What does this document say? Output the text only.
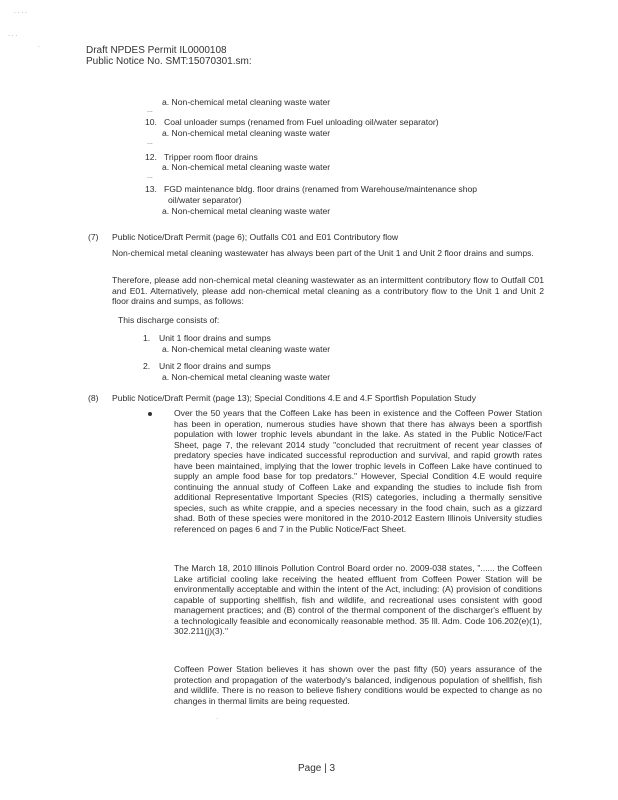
· · · ·
· · ·
·	Draft NPDES Permit IL0000108
Public Notice No. SMT:15070301.sm:
a. Non-chemical metal cleaning waste water
...
10. Coal unloader sumps (renamed from Fuel unloading oil/water separator)
a. Non-chemical metal cleaning waste water
...
12. Tripper room floor drains
a. Non-chemical metal cleaning waste water
...
13. FGD maintenance bldg. floor drains (renamed from Warehouse/maintenance shop
oil/water separator)
a. Non-chemical metal cleaning waste water
(7) Public Notice/Draft Permit (page 6); Outfalls C01 and E01 Contributory flow
Non-chemical metal cleaning wastewater has always been part of the Unit 1 and Unit 2 floor drains and sumps.
Therefore, please add non-chemical metal cleaning wastewater as an intermittent contributory flow to Outfall C01 and E01. Alternatively, please add non-chemical metal cleaning as a contributory flow to the Unit 1 and Unit 2 floor drains and sumps, as follows:
This discharge consists of:
1. Unit 1 floor drains and sumps
a. Non-chemical metal cleaning waste water
2. Unit 2 floor drains and sumps
a. Non-chemical metal cleaning waste water
(8) Public Notice/Draft Permit (page 13); Special Conditions 4.E and 4.F Sportfish Population Study
Over the 50 years that the Coffeen Lake has been in existence and the Coffeen Power Station has been in operation, numerous studies have shown that there has always been a sportfish population with lower trophic levels abundant in the lake. As stated in the Public Notice/Fact Sheet, page 7, the relevant 2014 study "concluded that recruitment of recent year classes of predatory species have indicated successful reproduction and survival, and rapid growth rates have been maintained, implying that the lower trophic levels in Coffeen Lake have continued to supply an ample food base for top predators." However, Special Condition 4.E would require continuing the annual study of Coffeen Lake and expanding the studies to include fish from additional Representative Important Species (RIS) categories, including a thermally sensitive species, such as white crappie, and a species necessary in the food chain, such as a gizzard shad. Both of these species were monitored in the 2010-2012 Eastern Illinois University studies referenced on pages 6 and 7 in the Public Notice/Fact Sheet.
The March 18, 2010 Illinois Pollution Control Board order no. 2009-038 states, "...... the Coffeen Lake artificial cooling lake receiving the heated effluent from Coffeen Power Station will be environmentally acceptable and within the intent of the Act, including: (A) provision of conditions capable of supporting shellfish, fish and wildlife, and recreational uses consistent with good management practices; and (B) control of the thermal component of the discharger's effluent by a technologically feasible and economically reasonable method. 35 Ill. Adm. Code 106.202(e)(1), 302.211(j)(3)."
Coffeen Power Station believes it has shown over the past fifty (50) years assurance of the protection and propagation of the waterbody's balanced, indigenous population of shellfish, fish and wildlife. There is no reason to believe fishery conditions would be expected to change as no changes in thermal limits are being requested.
·
Page | 3
